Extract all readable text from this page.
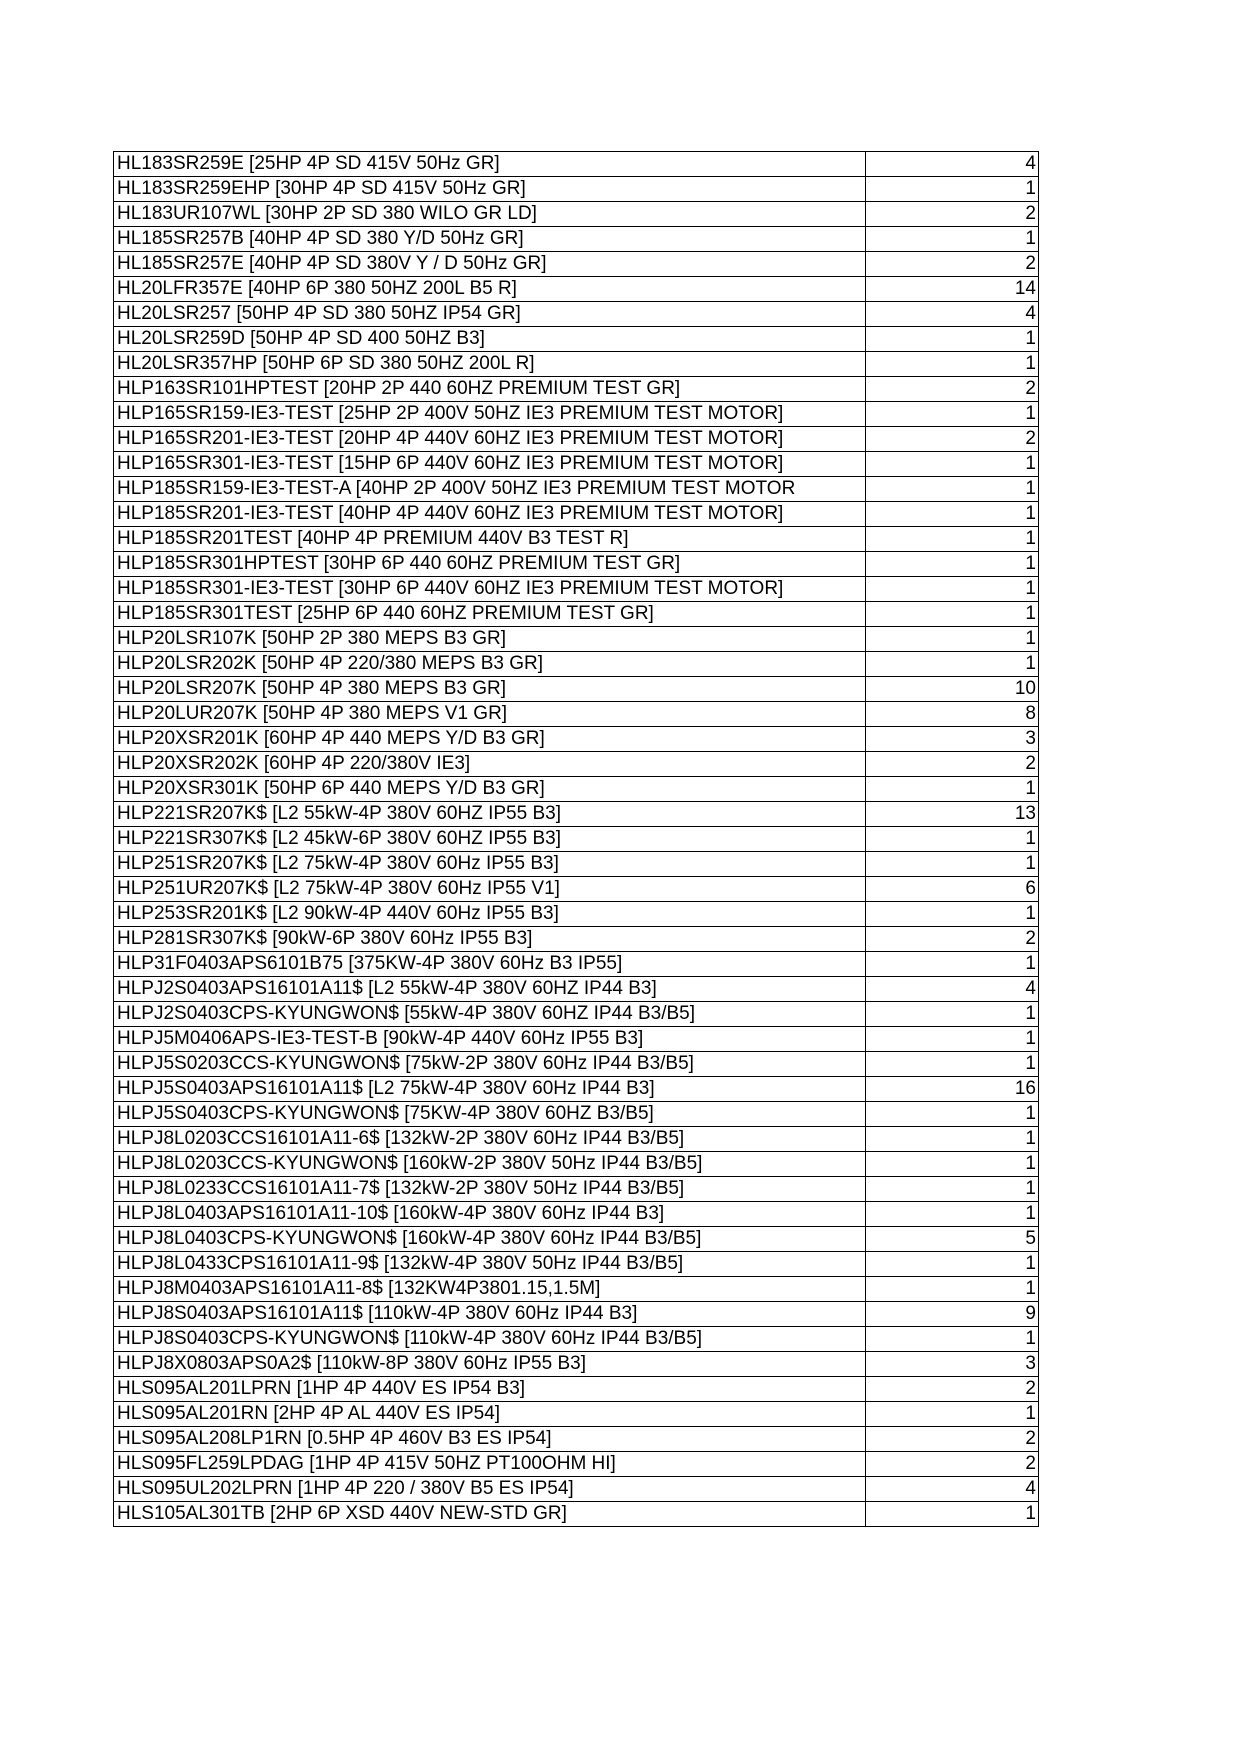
HL183SR259E [25HP 4P SD 415V 50Hz GR]	4
HL183SR259EHP [30HP 4P SD 415V 50Hz GR]	1
HL183UR107WL [30HP 2P SD 380 WILO GR LD]	2
HL185SR257B [40HP 4P SD 380 Y/D 50Hz GR]	1
HL185SR257E [40HP 4P SD 380V Y / D 50Hz GR]	2
HL20LFR357E [40HP 6P 380 50HZ 200L B5 R]	14
HL20LSR257 [50HP 4P SD 380 50HZ IP54 GR]	4
HL20LSR259D [50HP 4P SD 400 50HZ B3]	1
HL20LSR357HP [50HP 6P SD 380 50HZ 200L R]	1
HLP163SR101HPTEST [20HP 2P 440 60HZ PREMIUM TEST GR]	2
HLP165SR159-IE3-TEST [25HP 2P 400V 50HZ IE3 PREMIUM TEST MOTOR]	1
HLP165SR201-IE3-TEST [20HP 4P 440V 60HZ IE3 PREMIUM TEST MOTOR]	2
HLP165SR301-IE3-TEST [15HP 6P 440V 60HZ IE3 PREMIUM TEST MOTOR]	1
HLP185SR159-IE3-TEST-A [40HP 2P 400V 50HZ IE3 PREMIUM TEST MOTOR	1
HLP185SR201-IE3-TEST [40HP 4P 440V 60HZ IE3 PREMIUM TEST MOTOR]	1
HLP185SR201TEST [40HP 4P PREMIUM 440V B3 TEST R]	1
HLP185SR301HPTEST [30HP 6P 440 60HZ PREMIUM TEST GR]	1
HLP185SR301-IE3-TEST [30HP 6P 440V 60HZ IE3 PREMIUM TEST MOTOR]	1
HLP185SR301TEST [25HP 6P 440 60HZ PREMIUM TEST GR]	1
HLP20LSR107K [50HP 2P 380 MEPS B3 GR]	1
HLP20LSR202K [50HP 4P 220/380 MEPS B3 GR]	1
HLP20LSR207K [50HP 4P 380 MEPS B3 GR]	10
HLP20LUR207K [50HP 4P 380 MEPS V1 GR]	8
HLP20XSR201K [60HP 4P 440 MEPS Y/D B3 GR]	3
HLP20XSR202K [60HP 4P 220/380V IE3]	2
HLP20XSR301K [50HP 6P 440 MEPS Y/D B3 GR]	1
HLP221SR207K$ [L2 55kW-4P 380V 60HZ IP55 B3]	13
HLP221SR307K$ [L2 45kW-6P 380V 60HZ IP55 B3]	1
HLP251SR207K$ [L2 75kW-4P 380V 60Hz IP55 B3]	1
HLP251UR207K$ [L2 75kW-4P 380V 60Hz IP55 V1]	6
HLP253SR201K$ [L2 90kW-4P 440V 60Hz IP55 B3]	1
HLP281SR307K$ [90kW-6P 380V 60Hz IP55 B3]	2
HLP31F0403APS6101B75 [375KW-4P 380V 60Hz B3 IP55]	1
HLPJ2S0403APS16101A11$ [L2 55kW-4P 380V 60HZ IP44 B3]	4
HLPJ2S0403CPS-KYUNGWON$ [55kW-4P 380V 60HZ IP44 B3/B5]	1
HLPJ5M0406APS-IE3-TEST-B [90kW-4P 440V 60Hz IP55 B3]	1
HLPJ5S0203CCS-KYUNGWON$ [75kW-2P 380V 60Hz IP44 B3/B5]	1
HLPJ5S0403APS16101A11$ [L2 75kW-4P 380V 60Hz IP44 B3]	16
HLPJ5S0403CPS-KYUNGWON$ [75KW-4P 380V 60HZ B3/B5]	1
HLPJ8L0203CCS16101A11-6$ [132kW-2P 380V 60Hz IP44 B3/B5]	1
HLPJ8L0203CCS-KYUNGWON$ [160kW-2P 380V 50Hz IP44 B3/B5]	1
HLPJ8L0233CCS16101A11-7$ [132kW-2P 380V 50Hz IP44 B3/B5]	1
HLPJ8L0403APS16101A11-10$ [160kW-4P 380V 60Hz IP44 B3]	1
HLPJ8L0403CPS-KYUNGWON$ [160kW-4P 380V 60Hz IP44 B3/B5]	5
HLPJ8L0433CPS16101A11-9$ [132kW-4P 380V 50Hz IP44 B3/B5]	1
HLPJ8M0403APS16101A11-8$ [132KW4P3801.15,1.5M]	1
HLPJ8S0403APS16101A11$ [110kW-4P 380V 60Hz IP44 B3]	9
HLPJ8S0403CPS-KYUNGWON$ [110kW-4P 380V 60Hz IP44 B3/B5]	1
HLPJ8X0803APS0A2$ [110kW-8P 380V 60Hz IP55 B3]	3
HLS095AL201LPRN [1HP 4P 440V ES IP54 B3]	2
HLS095AL201RN [2HP 4P AL 440V ES IP54]	1
HLS095AL208LP1RN [0.5HP 4P 460V B3 ES IP54]	2
HLS095FL259LPDAG [1HP 4P 415V 50HZ PT100OHM HI]	2
HLS095UL202LPRN [1HP 4P 220 / 380V B5 ES IP54]	4
HLS105AL301TB [2HP 6P XSD 440V NEW-STD GR]	1
